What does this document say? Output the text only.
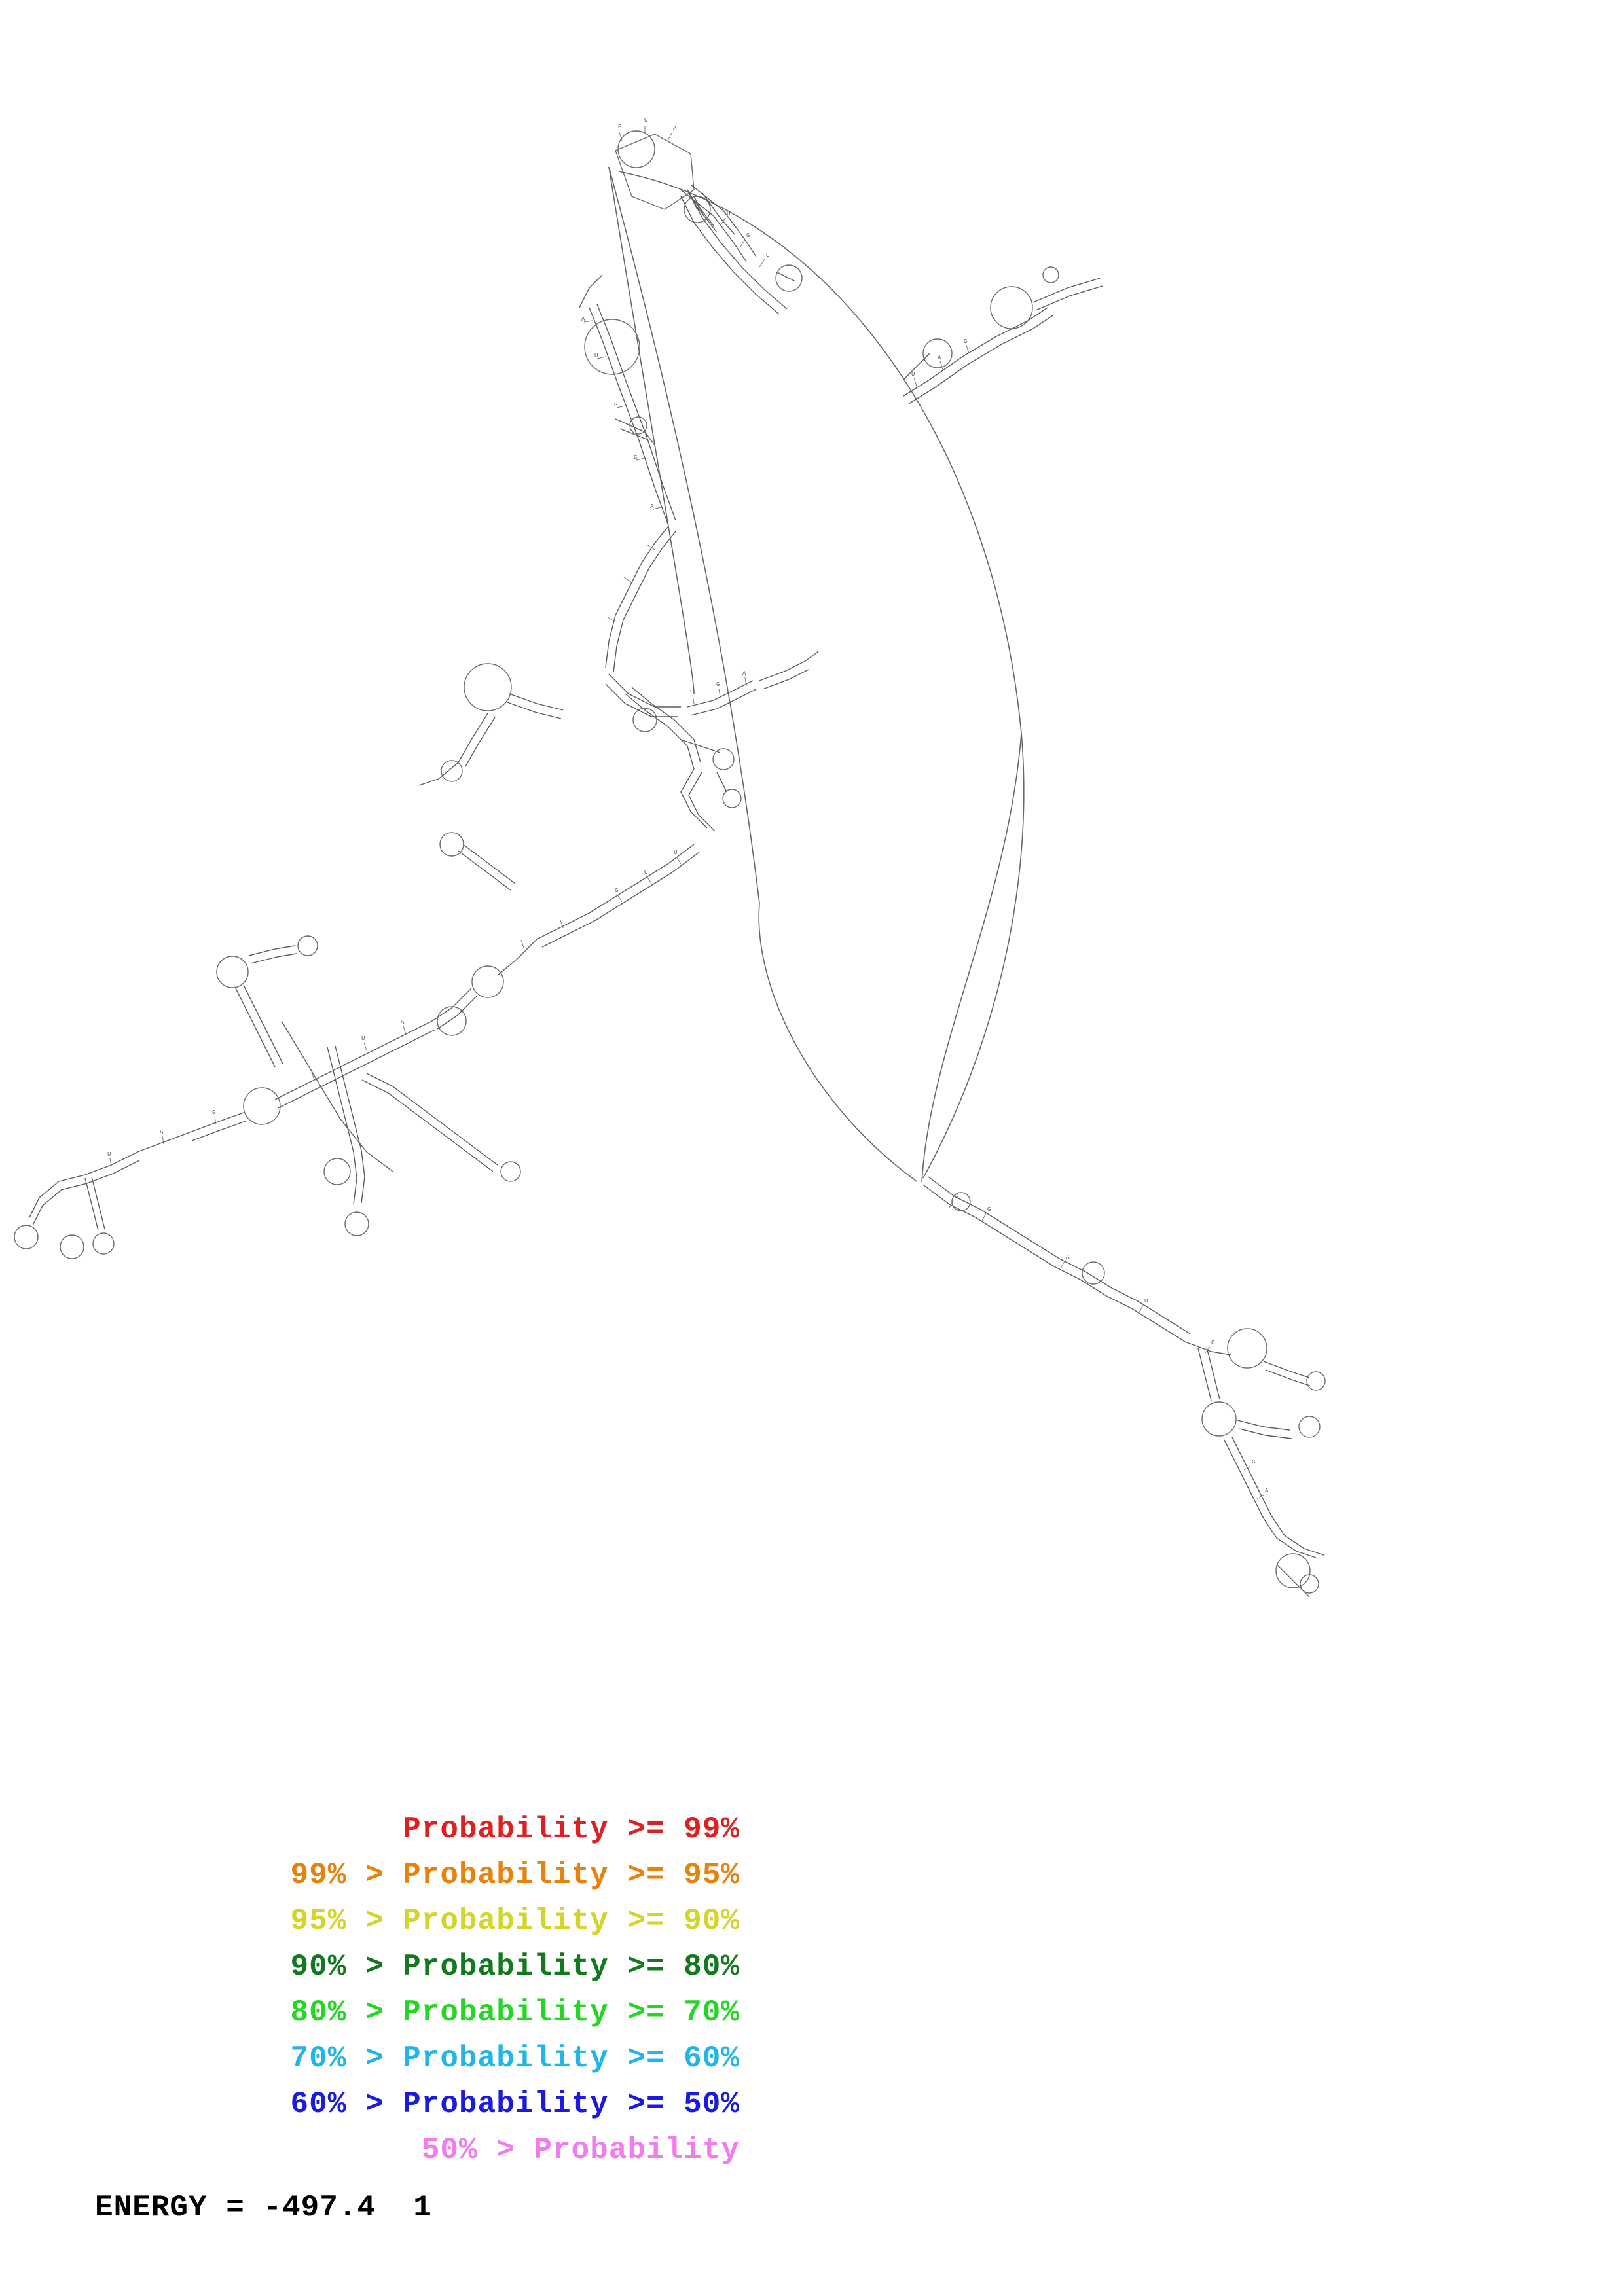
G
C
A
U
G
C
A
U
G
C
A
U
A
G
C
G
A
U
C
G
A
U
C
G
A
U
C
G
A
U
C
G
A
Probability >= 99%
99% > Probability >= 95%
95% > Probability >= 90%
90% > Probability >= 80%
80% > Probability >= 70%
70% > Probability >= 60%
60% > Probability >= 50%
50% > Probability
ENERGY = -497.4  1
